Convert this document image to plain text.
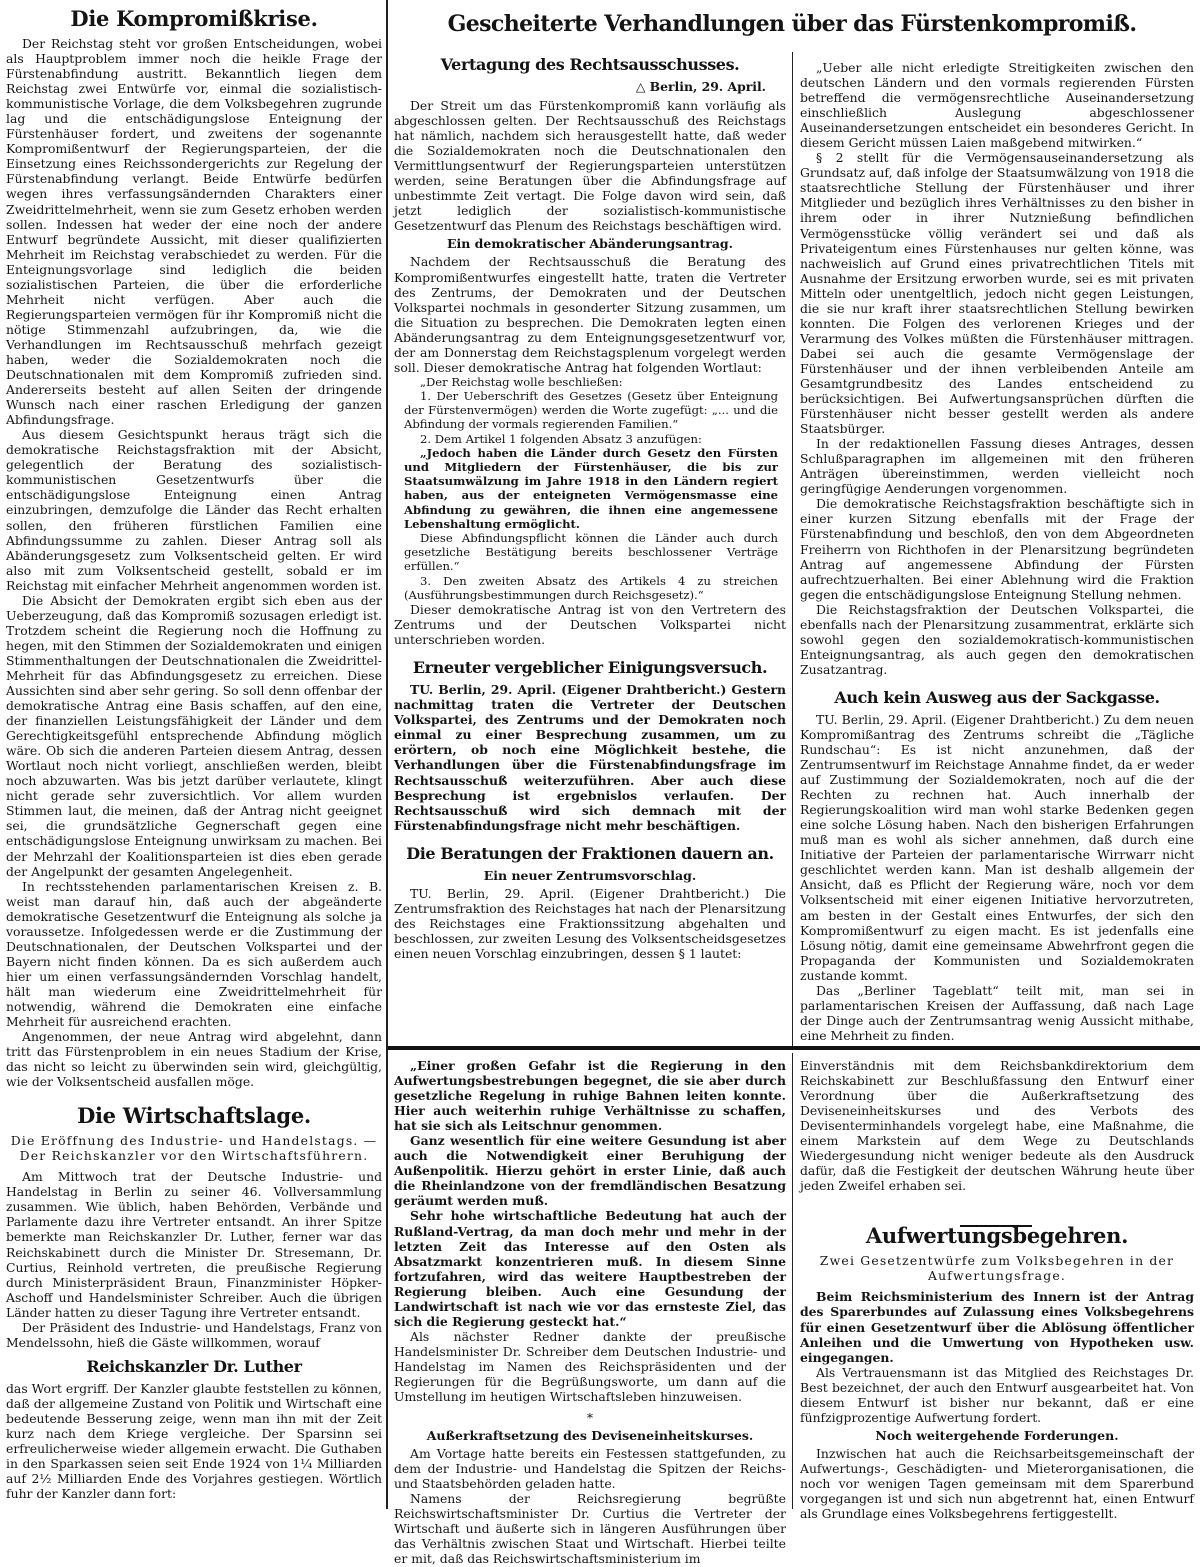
Die Kompromißkrise.

Der Reichstag steht vor großen Entscheidungen, wobei als Hauptproblem immer noch die heikle Frage der Fürstenabfindung austritt. Bekanntlich liegen dem Reichstag zwei Entwürfe vor, einmal die sozialistisch-kommunistische Vorlage, die dem Volksbegehren zugrunde lag und die entschädigungslose Enteignung der Fürstenhäuser fordert, und zweitens der sogenannte Kompromißentwurf der Regierungsparteien, der die Einsetzung eines Reichssondergerichts zur Regelung der Fürstenabfindung verlangt. Beide Entwürfe bedürfen wegen ihres verfassungsändernden Charakters einer Zweidrittelmehrheit, wenn sie zum Gesetz erhoben werden sollen. Indessen hat weder der eine noch der andere Entwurf begründete Aussicht, mit dieser qualifizierten Mehrheit im Reichstag verabschiedet zu werden. Für die Enteignungsvorlage sind lediglich die beiden sozialistischen Parteien, die über die erforderliche Mehrheit nicht verfügen. Aber auch die Regierungsparteien vermögen für ihr Kompromiß nicht die nötige Stimmenzahl aufzubringen, da, wie die Verhandlungen im Rechtsausschuß mehrfach gezeigt haben, weder die Sozialdemokraten noch die Deutschnationalen mit dem Kompromiß zufrieden sind. Andererseits besteht auf allen Seiten der dringende Wunsch nach einer raschen Erledigung der ganzen Abfindungsfrage.

Aus diesem Gesichtspunkt heraus trägt sich die demokratische Reichstagsfraktion mit der Absicht, gelegentlich der Beratung des sozialistisch-kommunistischen Gesetzentwurfs über die entschädigungslose Enteignung einen Antrag einzubringen, demzufolge die Länder das Recht erhalten sollen, den früheren fürstlichen Familien eine Abfindungssumme zu zahlen. Dieser Antrag soll als Abänderungsgesetz zum Volksentscheid gelten. Er wird also mit zum Volksentscheid gestellt, sobald er im Reichstag mit einfacher Mehrheit angenommen worden ist.

Die Absicht der Demokraten ergibt sich eben aus der Ueberzeugung, daß das Kompromiß sozusagen erledigt ist. Trotzdem scheint die Regierung noch die Hoffnung zu hegen, mit den Stimmen der Sozialdemokraten und einigen Stimmenthaltungen der Deutschnationalen die Zweidrittel-Mehrheit für das Abfindungsgesetz zu erreichen. Diese Aussichten sind aber sehr gering. So soll denn offenbar der demokratische Antrag eine Basis schaffen, auf den eine, der finanziellen Leistungsfähigkeit der Länder und dem Gerechtigkeitsgefühl entsprechende Abfindung möglich wäre. Ob sich die anderen Parteien diesem Antrag, dessen Wortlaut noch nicht vorliegt, anschließen werden, bleibt noch abzuwarten. Was bis jetzt darüber verlautete, klingt nicht gerade sehr zuversichtlich. Vor allem wurden Stimmen laut, die meinen, daß der Antrag nicht geeignet sei, die grundsätzliche Gegnerschaft gegen eine entschädigungslose Enteignung unwirksam zu machen. Bei der Mehrzahl der Koalitionsparteien ist dies eben gerade der Angelpunkt der gesamten Angelegenheit.

In rechtsstehenden parlamentarischen Kreisen z. B. weist man darauf hin, daß auch der abgeänderte demokratische Gesetzentwurf die Enteignung als solche ja voraussetze. Infolgedessen werde er die Zustimmung der Deutschnationalen, der Deutschen Volkspartei und der Bayern nicht finden können. Da es sich außerdem auch hier um einen verfassungsändernden Vorschlag handelt, hält man wiederum eine Zweidrittelmehrheit für notwendig, während die Demokraten eine einfache Mehrheit für ausreichend erachten.

Angenommen, der neue Antrag wird abgelehnt, dann tritt das Fürstenproblem in ein neues Stadium der Krise, das nicht so leicht zu überwinden sein wird, gleichgültig, wie der Volksentscheid ausfallen möge.

Die Wirtschaftslage.
Die Eröffnung des Industrie- und Handelstags. — Der Reichskanzler vor den Wirtschaftsführern.

Am Mittwoch trat der Deutsche Industrie- und Handelstag in Berlin zu seiner 46. Vollversammlung zusammen. Wie üblich, haben Behörden, Verbände und Parlamente dazu ihre Vertreter entsandt. An ihrer Spitze bemerkte man Reichskanzler Dr. Luther, ferner war das Reichskabinett durch die Minister Dr. Stresemann, Dr. Curtius, Reinhold vertreten, die preußische Regierung durch Ministerpräsident Braun, Finanzminister Höpker-Aschoff und Handelsminister Schreiber. Auch die übrigen Länder hatten zu dieser Tagung ihre Vertreter entsandt.

Der Präsident des Industrie- und Handelstags, Franz von Mendelssohn, hieß die Gäste willkommen, worauf

Reichskanzler Dr. Luther

das Wort ergriff. Der Kanzler glaubte feststellen zu können, daß der allgemeine Zustand von Politik und Wirtschaft eine bedeutende Besserung zeige, wenn man ihn mit der Zeit kurz nach dem Kriege vergleiche. Der Sparsinn sei erfreulicherweise wieder allgemein erwacht. Die Guthaben in den Sparkassen seien seit Ende 1924 von 1¼ Milliarden auf 2½ Milliarden Ende des Vorjahres gestiegen. Wörtlich fuhr der Kanzler dann fort:

Gescheiterte Verhandlungen über das Fürstenkompromiß.
Vertagung des Rechtsausschusses.
△ Berlin, 29. April.

Der Streit um das Fürstenkompromiß kann vorläufig als abgeschlossen gelten. Der Rechtsausschuß des Reichstags hat nämlich, nachdem sich herausgestellt hatte, daß weder die Sozialdemokraten noch die Deutschnationalen den Vermittlungsentwurf der Regierungsparteien unterstützen werden, seine Beratungen über die Abfindungsfrage auf unbestimmte Zeit vertagt. Die Folge davon wird sein, daß jetzt lediglich der sozialistisch-kommunistische Gesetzentwurf das Plenum des Reichstags beschäftigen wird.

Ein demokratischer Abänderungsantrag.

Nachdem der Rechtsausschuß die Beratung des Kompromißentwurfes eingestellt hatte, traten die Vertreter des Zentrums, der Demokraten und der Deutschen Volkspartei nochmals in gesonderter Sitzung zusammen, um die Situation zu besprechen. Die Demokraten legten einen Abänderungsantrag zu dem Enteignungsgesetzentwurf vor, der am Donnerstag dem Reichstagsplenum vorgelegt werden soll. Dieser demokratische Antrag hat folgenden Wortlaut:

„Der Reichstag wolle beschließen:

1. Der Ueberschrift des Gesetzes (Gesetz über Enteignung der Fürstenvermögen) werden die Worte zugefügt: „... und die Abfindung der vormals regierenden Familien.“

2. Dem Artikel 1 folgenden Absatz 3 anzufügen:

„Jedoch haben die Länder durch Gesetz den Fürsten und Mitgliedern der Fürstenhäuser, die bis zur Staatsumwälzung im Jahre 1918 in den Ländern regiert haben, aus der enteigneten Vermögensmasse eine Abfindung zu gewähren, die ihnen eine angemessene Lebenshaltung ermöglicht.

Diese Abfindungspflicht können die Länder auch durch gesetzliche Bestätigung bereits beschlossener Verträge erfüllen.“

3. Den zweiten Absatz des Artikels 4 zu streichen (Ausführungsbestimmungen durch Reichsgesetz).“

Dieser demokratische Antrag ist von den Vertretern des Zentrums und der Deutschen Volkspartei nicht unterschrieben worden.

Erneuter vergeblicher Einigungsversuch.

TU. Berlin, 29. April. (Eigener Drahtbericht.) Gestern nachmittag traten die Vertreter der Deutschen Volkspartei, des Zentrums und der Demokraten noch einmal zu einer Besprechung zusammen, um zu erörtern, ob noch eine Möglichkeit bestehe, die Verhandlungen über die Fürstenabfindungsfrage im Rechtsausschuß weiterzuführen. Aber auch diese Besprechung ist ergebnislos verlaufen. Der Rechtsausschuß wird sich demnach mit der Fürstenabfindungsfrage nicht mehr beschäftigen.

Die Beratungen der Fraktionen dauern an.
Ein neuer Zentrumsvorschlag.

TU. Berlin, 29. April. (Eigener Drahtbericht.) Die Zentrumsfraktion des Reichstages hat nach der Plenarsitzung des Reichstages eine Fraktionssitzung abgehalten und beschlossen, zur zweiten Lesung des Volksentscheidsgesetzes einen neuen Vorschlag einzubringen, dessen § 1 lautet:

„Ueber alle nicht erledigte Streitigkeiten zwischen den deutschen Ländern und den vormals regierenden Fürsten betreffend die vermögensrechtliche Auseinandersetzung einschließlich Auslegung abgeschlossener Auseinandersetzungen entscheidet ein besonderes Gericht. In diesem Gericht müssen Laien maßgebend mitwirken.“

§ 2 stellt für die Vermögensauseinandersetzung als Grundsatz auf, daß infolge der Staatsumwälzung von 1918 die staatsrechtliche Stellung der Fürstenhäuser und ihrer Mitglieder und bezüglich ihres Verhältnisses zu den bisher in ihrem oder in ihrer Nutznießung befindlichen Vermögensstücke völlig verändert sei und daß als Privateigentum eines Fürstenhauses nur gelten könne, was nachweislich auf Grund eines privatrechtlichen Titels mit Ausnahme der Ersitzung erworben wurde, sei es mit privaten Mitteln oder unentgeltlich, jedoch nicht gegen Leistungen, die sie nur kraft ihrer staatsrechtlichen Stellung bewirken konnten. Die Folgen des verlorenen Krieges und der Verarmung des Volkes müßten die Fürstenhäuser mittragen. Dabei sei auch die gesamte Vermögenslage der Fürstenhäuser und der ihnen verbleibenden Anteile am Gesamtgrundbesitz des Landes entscheidend zu berücksichtigen. Bei Aufwertungsansprüchen dürften die Fürstenhäuser nicht besser gestellt werden als andere Staatsbürger.

In der redaktionellen Fassung dieses Antrages, dessen Schlußparagraphen im allgemeinen mit den früheren Anträgen übereinstimmen, werden vielleicht noch geringfügige Aenderungen vorgenommen.

Die demokratische Reichstagsfraktion beschäftigte sich in einer kurzen Sitzung ebenfalls mit der Frage der Fürstenabfindung und beschloß, den von dem Abgeordneten Freiherrn von Richthofen in der Plenarsitzung begründeten Antrag auf angemessene Abfindung der Fürsten aufrechtzuerhalten. Bei einer Ablehnung wird die Fraktion gegen die entschädigungslose Enteignung Stellung nehmen.

Die Reichstagsfraktion der Deutschen Volkspartei, die ebenfalls nach der Plenarsitzung zusammentrat, erklärte sich sowohl gegen den sozialdemokratisch-kommunistischen Enteignungsantrag, als auch gegen den demokratischen Zusatzantrag.

Auch kein Ausweg aus der Sackgasse.

TU. Berlin, 29. April. (Eigener Drahtbericht.) Zu dem neuen Kompromißantrag des Zentrums schreibt die „Tägliche Rundschau“: Es ist nicht anzunehmen, daß der Zentrumsentwurf im Reichstage Annahme findet, da er weder auf Zustimmung der Sozialdemokraten, noch auf die der Rechten zu rechnen hat. Auch innerhalb der Regierungskoalition wird man wohl starke Bedenken gegen eine solche Lösung haben. Nach den bisherigen Erfahrungen muß man es wohl als sicher annehmen, daß durch eine Initiative der Parteien der parlamentarische Wirrwarr nicht geschlichtet werden kann. Man ist deshalb allgemein der Ansicht, daß es Pflicht der Regierung wäre, noch vor dem Volksentscheid mit einer eigenen Initiative hervorzutreten, am besten in der Gestalt eines Entwurfes, der sich den Kompromißentwurf zu eigen macht. Es ist jedenfalls eine Lösung nötig, damit eine gemeinsame Abwehrfront gegen die Propaganda der Kommunisten und Sozialdemokraten zustande kommt.

Das „Berliner Tageblatt“ teilt mit, man sei in parlamentarischen Kreisen der Auffassung, daß nach Lage der Dinge auch der Zentrumsantrag wenig Aussicht mithabe, eine Mehrheit zu finden.

„Einer großen Gefahr ist die Regierung in den Aufwertungsbestrebungen begegnet, die sie aber durch gesetzliche Regelung in ruhige Bahnen leiten konnte. Hier auch weiterhin ruhige Verhältnisse zu schaffen, hat sie sich als Leitschnur genommen.

Ganz wesentlich für eine weitere Gesundung ist aber auch die Notwendigkeit einer Beruhigung der Außenpolitik. Hierzu gehört in erster Linie, daß auch die Rheinlandzone von der fremdländischen Besatzung geräumt werden muß.

Sehr hohe wirtschaftliche Bedeutung hat auch der Rußland-Vertrag, da man doch mehr und mehr in der letzten Zeit das Interesse auf den Osten als Absatzmarkt konzentrieren muß. In diesem Sinne fortzufahren, wird das weitere Hauptbestreben der Regierung bleiben. Auch eine Gesundung der Landwirtschaft ist nach wie vor das ernsteste Ziel, das sich die Regierung gesteckt hat.“

Als nächster Redner dankte der preußische Handelsminister Dr. Schreiber dem Deutschen Industrie- und Handelstag im Namen des Reichspräsidenten und der Regierungen für die Begrüßungsworte, um dann auf die Umstellung im heutigen Wirtschaftsleben hinzuweisen.

*
Außerkraftsetzung des Deviseneinheitskurses.

Am Vortage hatte bereits ein Festessen stattgefunden, zu dem der Industrie- und Handelstag die Spitzen der Reichs- und Staatsbehörden geladen hatte.

Namens der Reichsregierung begrüßte Reichswirtschaftsminister Dr. Curtius die Vertreter der Wirtschaft und äußerte sich in längeren Ausführungen über das Verhältnis zwischen Staat und Wirtschaft. Hierbei teilte er mit, daß das Reichswirtschaftsministerium im

Einverständnis mit dem Reichsbankdirektorium dem Reichskabinett zur Beschlußfassung den Entwurf einer Verordnung über die Außerkraftsetzung des Deviseneinheitskurses und des Verbots des Devisenterminhandels vorgelegt habe, eine Maßnahme, die einem Markstein auf dem Wege zu Deutschlands Wiedergesundung nicht weniger bedeute als den Ausdruck dafür, daß die Festigkeit der deutschen Währung heute über jeden Zweifel erhaben sei.

Aufwertungsbegehren.
Zwei Gesetzentwürfe zum Volksbegehren in der Aufwertungsfrage.

Beim Reichsministerium des Innern ist der Antrag des Sparerbundes auf Zulassung eines Volksbegehrens für einen Gesetzentwurf über die Ablösung öffentlicher Anleihen und die Umwertung von Hypotheken usw. eingegangen.

Als Vertrauensmann ist das Mitglied des Reichstages Dr. Best bezeichnet, der auch den Entwurf ausgearbeitet hat. Von diesem Entwurf ist bisher nur bekannt, daß er eine fünfzigprozentige Aufwertung fordert.

Noch weitergehende Forderungen.

Inzwischen hat auch die Reichsarbeitsgemeinschaft der Aufwertungs-, Geschädigten- und Mieterorganisationen, die noch vor wenigen Tagen gemeinsam mit dem Sparerbund vorgegangen ist und sich nun abgetrennt hat, einen Entwurf als Grundlage eines Volksbegehrens fertiggestellt.
